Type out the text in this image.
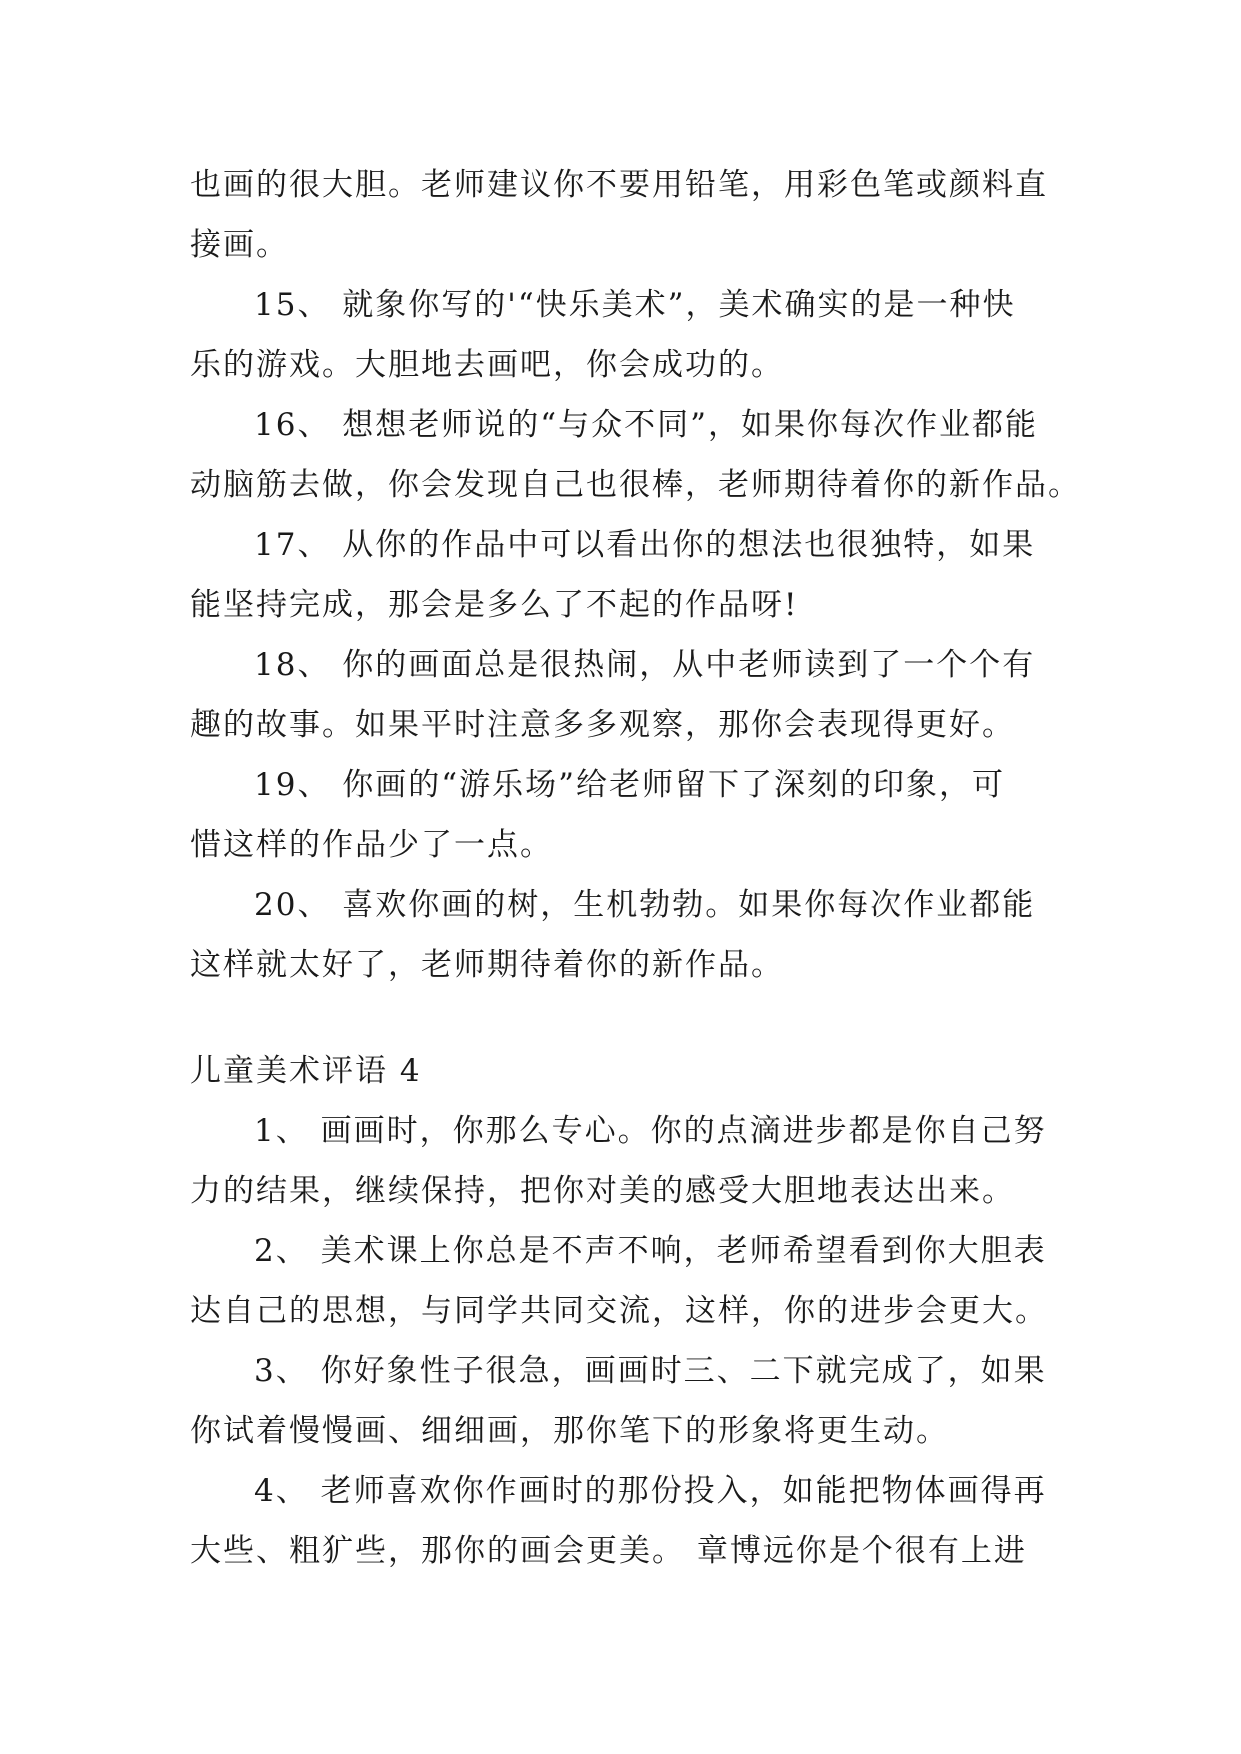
也画的很大胆。老师建议你不要用铅笔，用彩色笔或颜料直
接画。
15、 就象你写的'“快乐美术”，美术确实的是一种快
乐的游戏。大胆地去画吧，你会成功的。
16、 想想老师说的“与众不同”，如果你每次作业都能
动脑筋去做，你会发现自己也很棒，老师期待着你的新作品。
17、 从你的作品中可以看出你的想法也很独特，如果
能坚持完成，那会是多么了不起的作品呀!
18、 你的画面总是很热闹，从中老师读到了一个个有
趣的故事。如果平时注意多多观察，那你会表现得更好。
19、 你画的“游乐场”给老师留下了深刻的印象，可
惜这样的作品少了一点。
20、 喜欢你画的树，生机勃勃。如果你每次作业都能
这样就太好了，老师期待着你的新作品。
儿童美术评语 4
1、 画画时，你那么专心。你的点滴进步都是你自己努
力的结果，继续保持，把你对美的感受大胆地表达出来。
2、 美术课上你总是不声不响，老师希望看到你大胆表
达自己的思想，与同学共同交流，这样，你的进步会更大。
3、 你好象性子很急，画画时三、二下就完成了，如果
你试着慢慢画、细细画，那你笔下的形象将更生动。
4、 老师喜欢你作画时的那份投入，如能把物体画得再
大些、粗犷些，那你的画会更美。 章博远你是个很有上进
